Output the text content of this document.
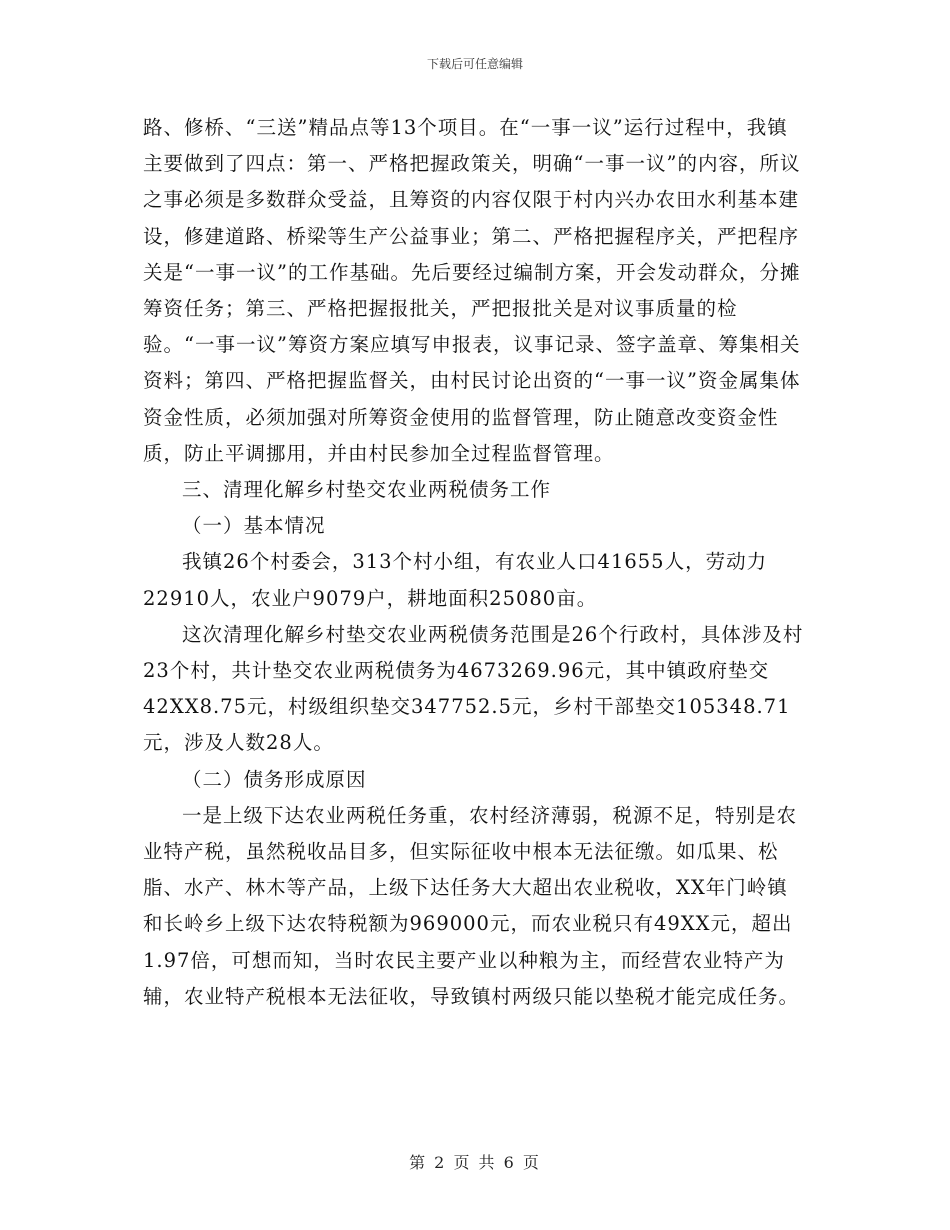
下载后可任意编辑

路、修桥、“三送”精品点等13个项目。在“一事一议”运行过程中，我镇主要做到了四点：第一、严格把握政策关，明确“一事一议”的内容，所议之事必须是多数群众受益，且筹资的内容仅限于村内兴办农田水利基本建设，修建道路、桥梁等生产公益事业；第二、严格把握程序关，严把程序关是“一事一议”的工作基础。先后要经过编制方案，开会发动群众，分摊筹资任务；第三、严格把握报批关，严把报批关是对议事质量的检验。“一事一议”筹资方案应填写申报表，议事记录、签字盖章、筹集相关资料；第四、严格把握监督关，由村民讨论出资的“一事一议”资金属集体资金性质，必须加强对所筹资金使用的监督管理，防止随意改变资金性质，防止平调挪用，并由村民参加全过程监督管理。

三、清理化解乡村垫交农业两税债务工作

（一）基本情况

我镇26个村委会，313个村小组，有农业人口41655人，劳动力22910人，农业户9079户，耕地面积25080亩。

这次清理化解乡村垫交农业两税债务范围是26个行政村，具体涉及村23个村，共计垫交农业两税债务为4673269.96元，其中镇政府垫交42XX8.75元，村级组织垫交347752.5元，乡村干部垫交105348.71元，涉及人数28人。

（二）债务形成原因

一是上级下达农业两税任务重，农村经济薄弱，税源不足，特别是农业特产税，虽然税收品目多，但实际征收中根本无法征缴。如瓜果、松脂、水产、林木等产品，上级下达任务大大超出农业税收，XX年门岭镇和长岭乡上级下达农特税额为969000元，而农业税只有49XX元，超出1.97倍，可想而知，当时农民主要产业以种粮为主，而经营农业特产为辅，农业特产税根本无法征收，导致镇村两级只能以垫税才能完成任务。

第 2 页 共 6 页
